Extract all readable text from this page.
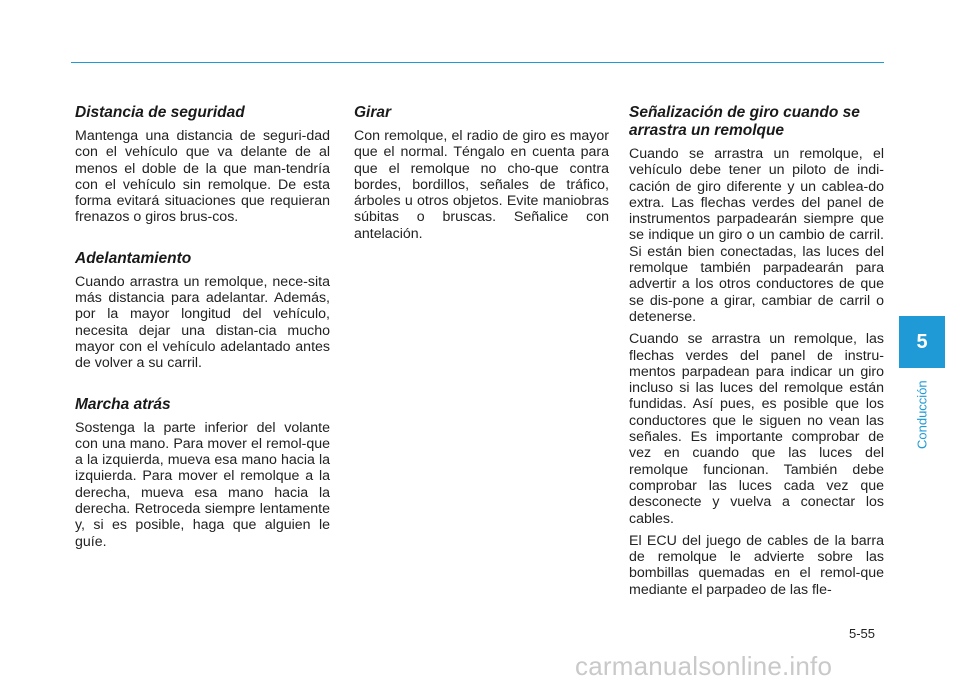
Distancia de seguridad

Mantenga una distancia de seguri-dad con el vehículo que va delante de al menos el doble de la que man-tendría con el vehículo sin remolque. De esta forma evitará situaciones que requieran frenazos o giros brus-cos.

Adelantamiento

Cuando arrastra un remolque, nece-sita más distancia para adelantar. Además, por la mayor longitud del vehículo, necesita dejar una distan-cia mucho mayor con el vehículo adelantado antes de volver a su carril.

Marcha atrás

Sostenga la parte inferior del volante con una mano. Para mover el remol-que a la izquierda, mueva esa mano hacia la izquierda. Para mover el remolque a la derecha, mueva esa mano hacia la derecha. Retroceda siempre lentamente y, si es posible, haga que alguien le guíe.

Girar

Con remolque, el radio de giro es mayor que el normal. Téngalo en cuenta para que el remolque no cho-que contra bordes, bordillos, señales de tráfico, árboles u otros objetos. Evite maniobras súbitas o bruscas. Señalice con antelación.

Señalización de giro cuando se arrastra un remolque

Cuando se arrastra un remolque, el vehículo debe tener un piloto de indi-cación de giro diferente y un cablea-do extra. Las flechas verdes del panel de instrumentos parpadearán siempre que se indique un giro o un cambio de carril. Si están bien conectadas, las luces del remolque también parpadearán para advertir a los otros conductores de que se dis-pone a girar, cambiar de carril o detenerse.

Cuando se arrastra un remolque, las flechas verdes del panel de instru-mentos parpadean para indicar un giro incluso si las luces del remolque están fundidas. Así pues, es posible que los conductores que le siguen no vean las señales. Es importante comprobar de vez en cuando que las luces del remolque funcionan. También debe comprobar las luces cada vez que desconecte y vuelva a conectar los cables.

El ECU del juego de cables de la barra de remolque le advierte sobre las bombillas quemadas en el remol-que mediante el parpadeo de las fle-

5
Conducción
5-55
carmanualsonline.info
